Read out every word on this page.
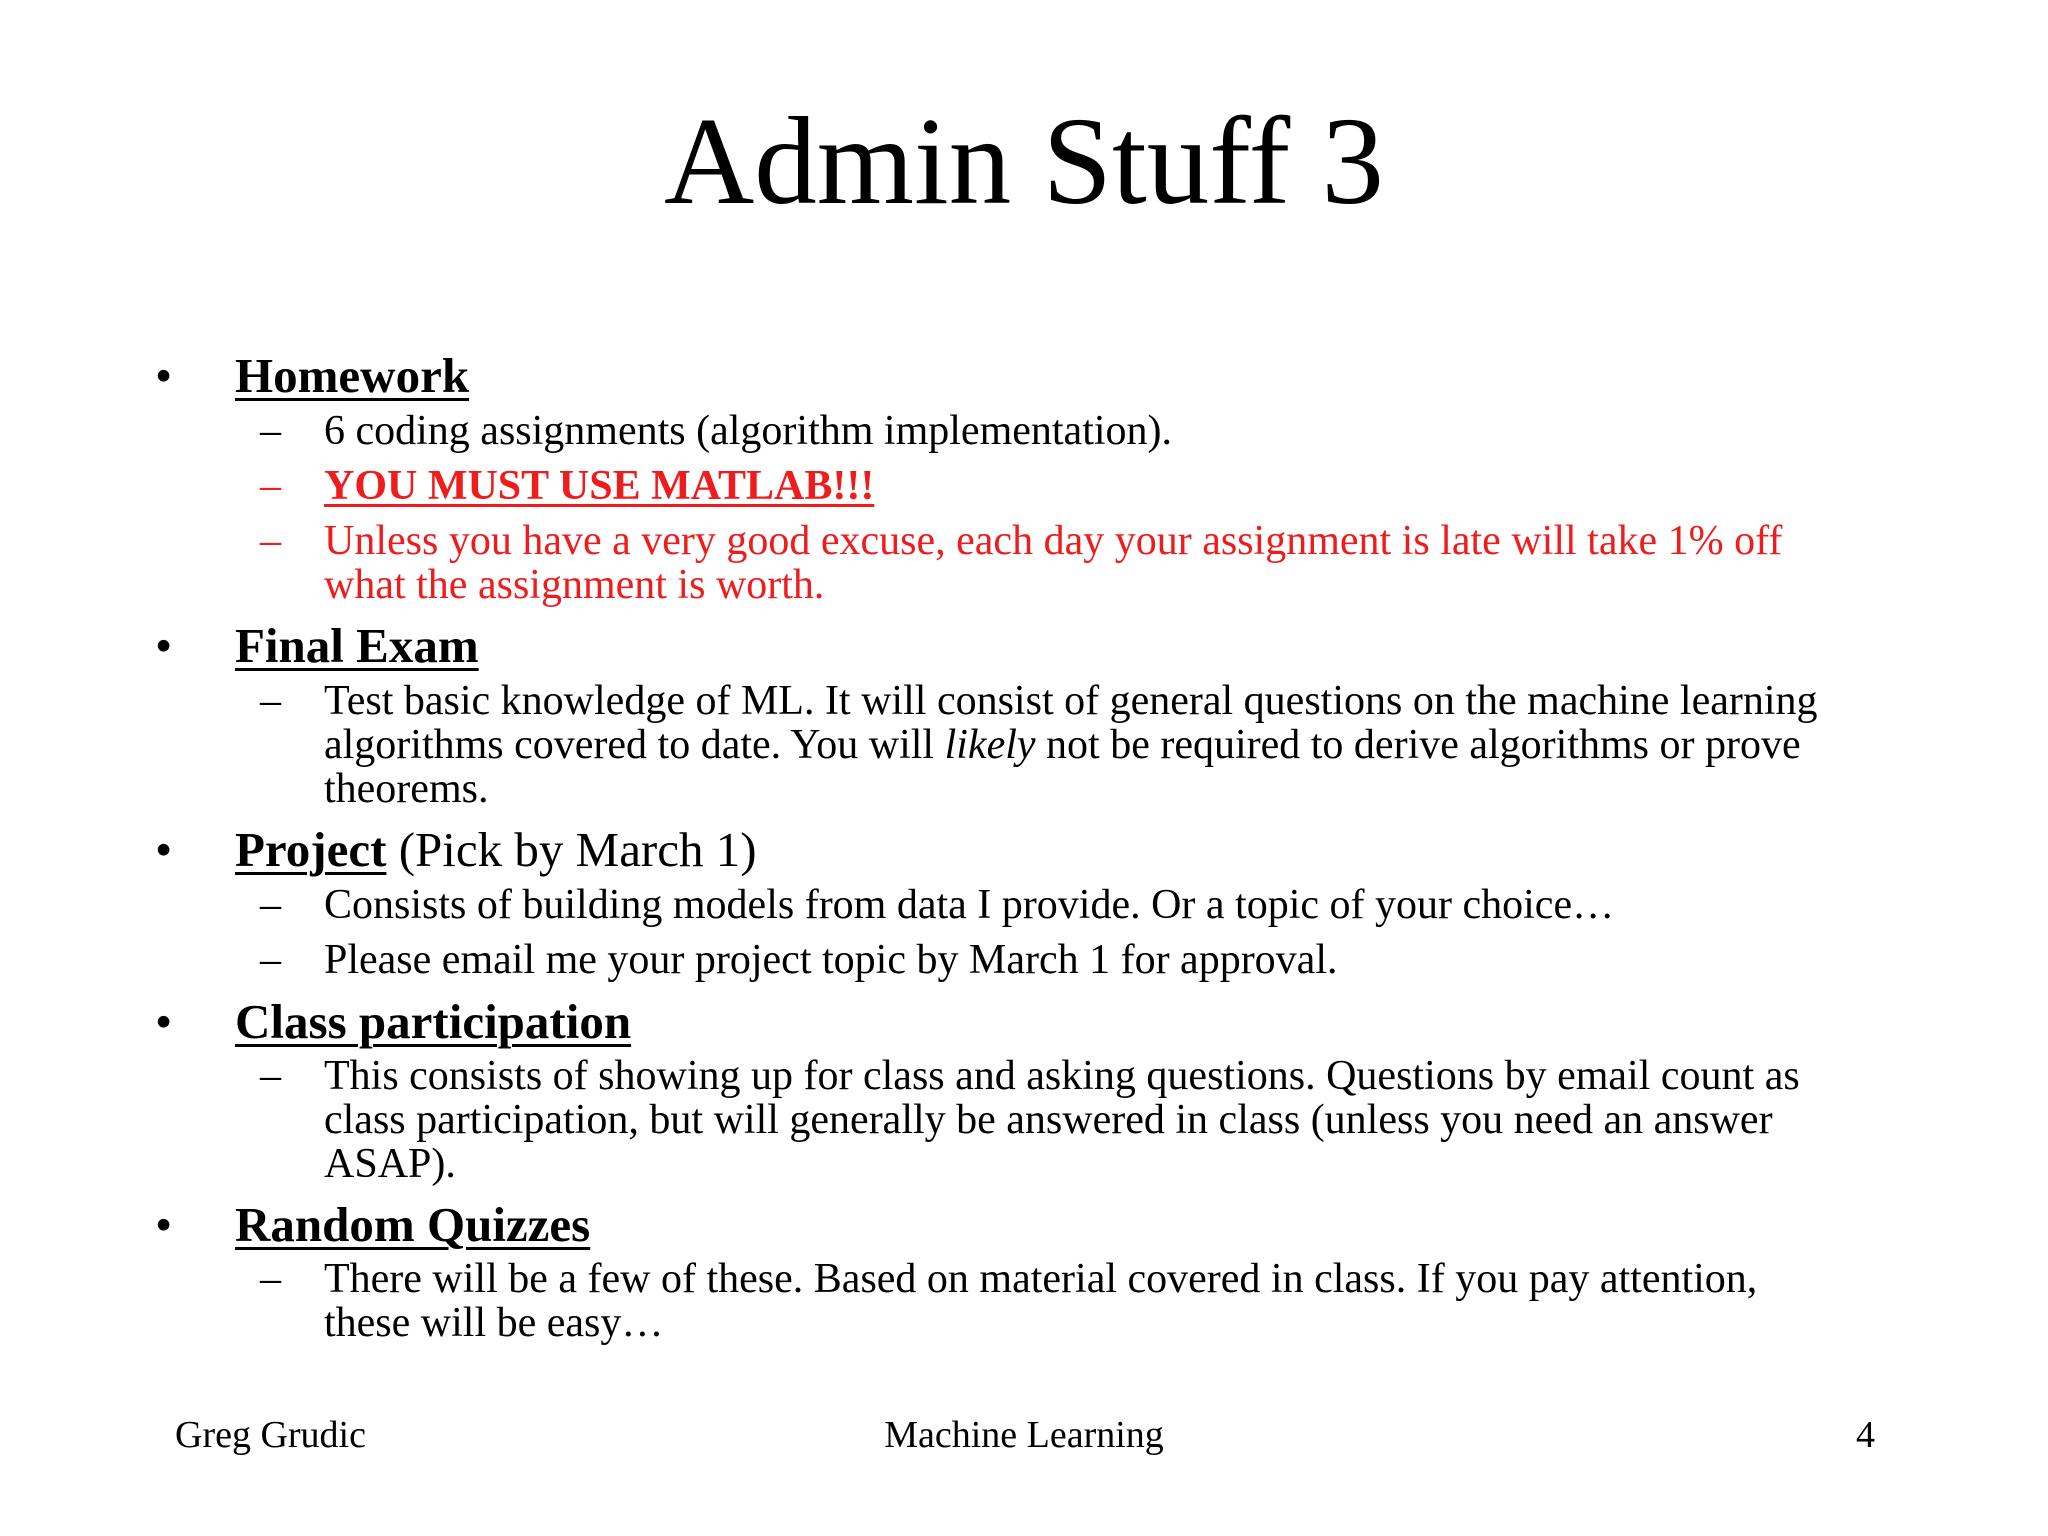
Admin Stuff 3
•	Homework
– 6 coding assignments (algorithm implementation).
– YOU MUST USE MATLAB!!!
– Unless you have a very good excuse, each day your assignment is late will take 1% off what the assignment is worth.
•	Final Exam
– Test basic knowledge of ML. It will consist of general questions on the machine learning algorithms covered to date. You will likely not be required to derive algorithms or prove theorems.
•	Project (Pick by March 1)
– Consists of building models from data I provide. Or a topic of your choice…
– Please email me your project topic by March 1 for approval.
•	Class participation
– This consists of showing up for class and asking questions. Questions by email count as class participation, but will generally be answered in class (unless you need an answer ASAP).
•	Random Quizzes
– There will be a few of these. Based on material covered in class. If you pay attention, these will be easy…
Greg Grudic	Machine Learning	4
